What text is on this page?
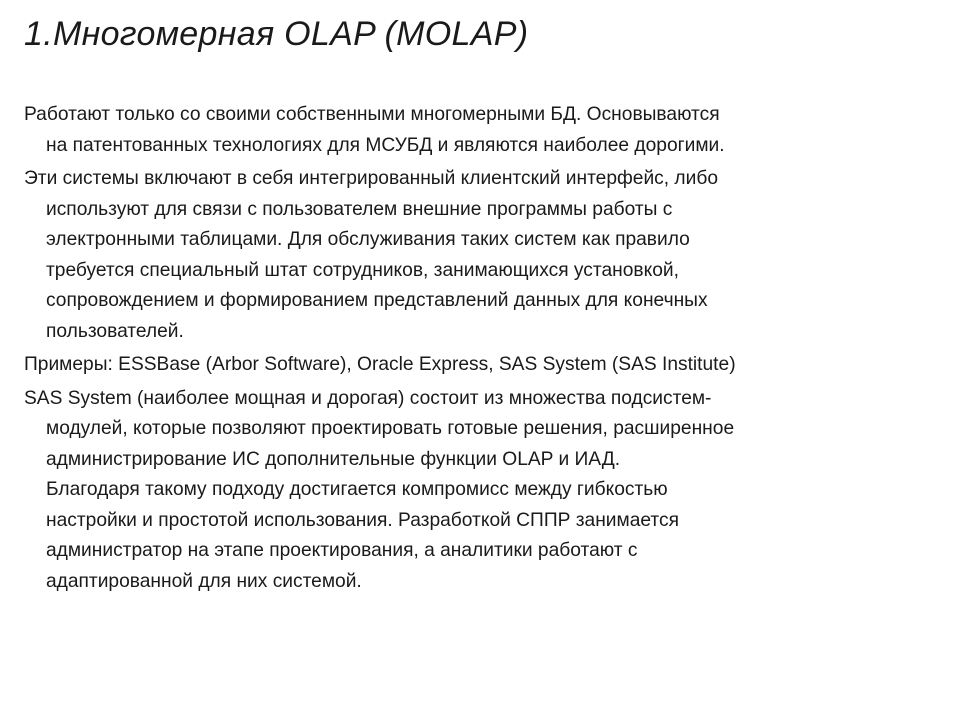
1.Многомерная OLAP (MOLAP)

Работают только со своими собственными многомерными БД. Основываются
на патентованных технологиях для МСУБД и являются наиболее дорогими.

Эти системы включают в себя интегрированный клиентский интерфейс, либо
используют для связи с пользователем внешние программы работы с
электронными таблицами. Для обслуживания таких систем как правило
требуется специальный штат сотрудников, занимающихся установкой,
сопровождением и формированием представлений данных для конечных
пользователей.

Примеры: ESSBase (Arbor Software), Oracle Express, SAS System (SAS Institute)

SAS System (наиболее мощная и дорогая) состоит из множества подсистем-
модулей, которые позволяют проектировать готовые решения, расширенное
администрирование ИС дополнительные функции OLAP и ИАД.
Благодаря такому подходу достигается компромисс между гибкостью
настройки и простотой использования. Разработкой СППР занимается
администратор на этапе проектирования, а аналитики работают с
адаптированной для них системой.
